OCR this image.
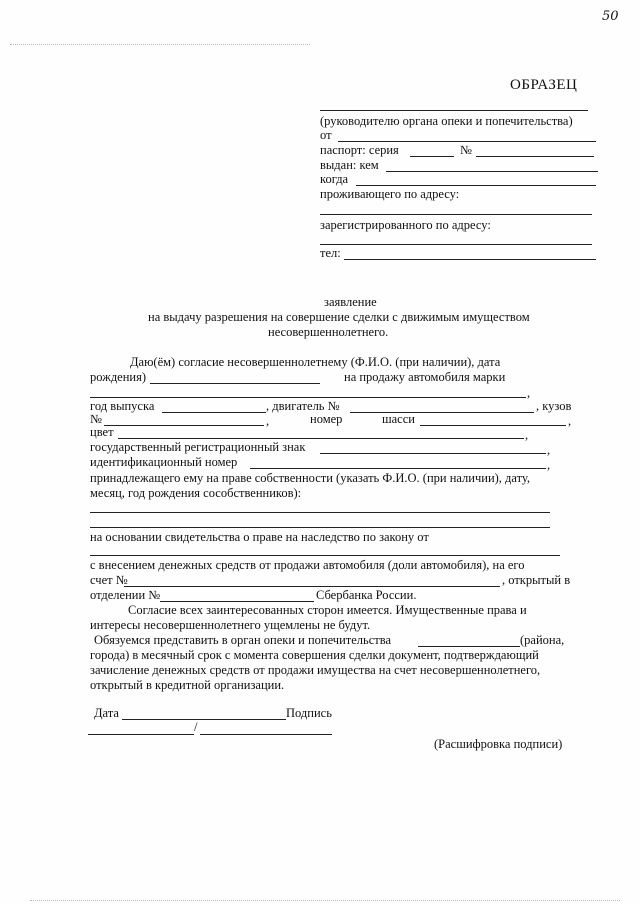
50
ОБРАЗЕЦ
(руководителю органа опеки и попечительства)
от
паспорт: серия	№
выдан: кем
когда
проживающего по адресу:
зарегистрированного по адресу:
тел:
заявление
на выдачу разрешения на совершение сделки с движимым имуществом
несовершеннолетнего.
Даю(ём) согласие несовершеннолетнему (Ф.И.О. (при наличии), дата
рождения)	на продажу автомобиля марки
,
год выпуска	, двигатель №	, кузов
№	,	номер	шасси	,
цвет	,
государственный регистрационный знак	,
идентификационный номер	,
принадлежащего ему на праве собственности (указать Ф.И.О. (при наличии), дату,
месяц, год рождения сособственников):
на основании свидетельства о праве на наследство по закону от
с внесением денежных средств от продажи автомобиля (доли автомобиля), на его
счет №	, открытый в
отделении №	Сбербанка России.
Согласие всех заинтересованных сторон имеется. Имущественные права и
интересы несовершеннолетнего ущемлены не будут.
Обязуемся представить в орган опеки и попечительства	(района,
города) в месячный срок с момента совершения сделки документ, подтверждающий
зачисление денежных средств от продажи имущества на счет несовершеннолетнего,
открытый в кредитной организации.
Дата	Подпись
/
(Расшифровка подписи)
